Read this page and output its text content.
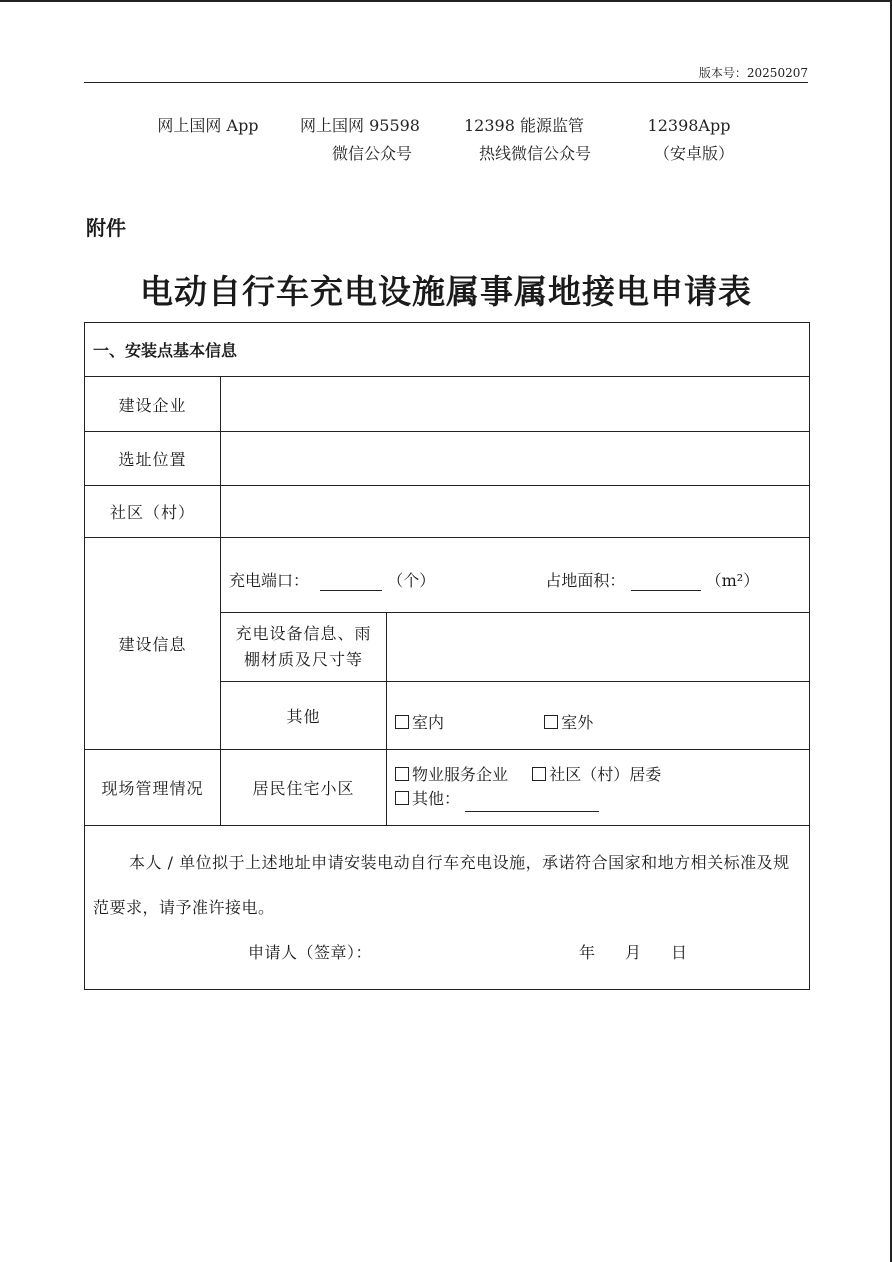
版本号：20250207
网上国网 App	网上国网 95598
微信公众号
12398 能源监管
热线微信公众号
12398App
（安卓版）
附件
电动自行车充电设施属事属地接电申请表
一、安装点基本信息		
建设企业		
选址位置		
社区（村）		
建设信息	充电端口： （个） 占地面积： （m²）	

	充电设备信息、雨
棚材质及尺寸等	

	其他	室内 室外
现场管理情况	居民住宅小区	物业服务企业 社区（村）居委
其他：

本人 / 单位拟于上述地址申请安装电动自行车充电设施，承诺符合国家和地方相关标准及规范要求，请予准许接电。
申请人（签章）： 年 月 日		
